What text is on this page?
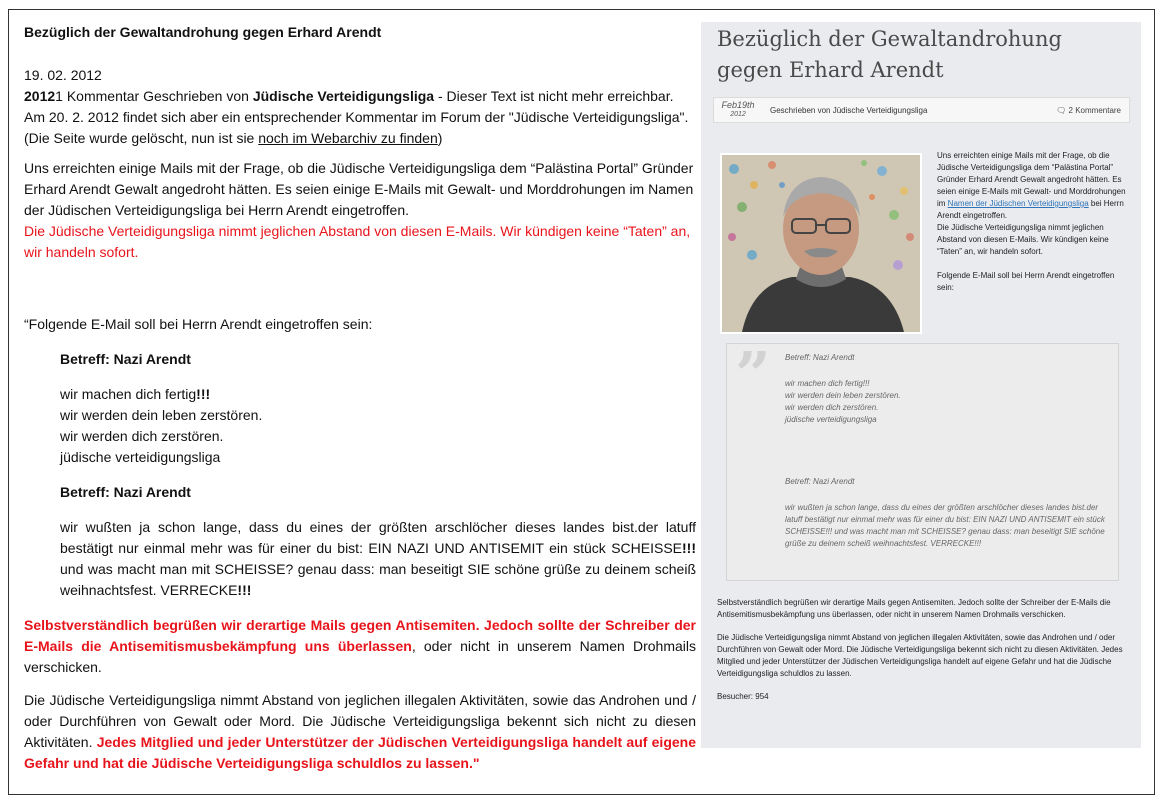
Bezüglich der Gewaltandrohung gegen Erhard Arendt

19. 02. 2012

20121 Kommentar Geschrieben von Jüdische Verteidigungsliga - Dieser Text ist nicht mehr erreichbar.

Am 20. 2. 2012 findet sich aber ein entsprechender Kommentar im Forum der "Jüdische Verteidigungsliga".

(Die Seite wurde gelöscht, nun ist sie noch im Webarchiv zu finden)

Uns erreichten einige Mails mit der Frage, ob die Jüdische Verteidigungsliga dem “Palästina Portal” Gründer Erhard Arendt Gewalt angedroht hätten. Es seien einige E-Mails mit Gewalt- und Morddrohungen im Namen der Jüdischen Verteidigungsliga bei Herrn Arendt eingetroffen.

Die Jüdische Verteidigungsliga nimmt jeglichen Abstand von diesen E-Mails. Wir kündigen keine “Taten” an, wir handeln sofort.

“Folgende E-Mail soll bei Herrn Arendt eingetroffen sein:

Betreff: Nazi Arendt

wir machen dich fertig!!!

wir werden dein leben zerstören.

wir werden dich zerstören.

jüdische verteidigungsliga

Betreff: Nazi Arendt

wir wußten ja schon lange, dass du eines der größten arschlöcher dieses landes bist.der latuff bestätigt nur einmal mehr was für einer du bist: EIN NAZI UND ANTISEMIT ein stück SCHEISSE!!! und was macht man mit SCHEISSE? genau dass: man beseitigt SIE schöne grüße zu deinem scheiß weihnachtsfest. VERRECKE!!!

Selbstverständlich begrüßen wir derartige Mails gegen Antisemiten. Jedoch sollte der Schreiber der E-Mails die Antisemitismusbekämpfung uns überlassen, oder nicht in unserem Namen Drohmails verschicken.

Die Jüdische Verteidigungsliga nimmt Abstand von jeglichen illegalen Aktivitäten, sowie das Androhen und / oder Durchführen von Gewalt oder Mord. Die Jüdische Verteidigungsliga bekennt sich nicht zu diesen Aktivitäten. Jedes Mitglied und jeder Unterstützer der Jüdischen Verteidigungsliga handelt auf eigene Gefahr und hat die Jüdische Verteidigungsliga schuldlos zu lassen."

Bezüglich der Gewaltandrohung gegen Erhard Arendt
Feb19th
2012	Geschrieben von Jüdische Verteidigungsliga	🗨 2 Kommentare

Uns erreichten einige Mails mit der Frage, ob die Jüdische Verteidigungsliga dem “Palästina Portal” Gründer Erhard Arendt Gewalt angedroht hätten. Es seien einige E-Mails mit Gewalt- und Morddrohungen im Namen der Jüdischen Verteidigungsliga bei Herrn Arendt eingetroffen.

Die Jüdische Verteidigungsliga nimmt jeglichen Abstand von diesen E-Mails. Wir kündigen keine “Taten” an, wir handeln sofort.

Folgende E-Mail soll bei Herrn Arendt eingetroffen sein:

” Betreff: Nazi Arendt
wir machen dich fertig!!!
wir werden dein leben zerstören.
wir werden dich zerstören.
jüdische verteidigungsliga
Betreff: Nazi Arendt
wir wußten ja schon lange, dass du eines der größten arschlöcher dieses landes bist.der latuff bestätigt nur einmal mehr was für einer du bist: EIN NAZI UND ANTISEMIT ein stück SCHEISSE!!! und was macht man mit SCHEISSE? genau dass: man beseitigt SIE schöne grüße zu deinem scheiß weihnachtsfest. VERRECKE!!!

Selbstverständlich begrüßen wir derartige Mails gegen Antisemiten. Jedoch sollte der Schreiber der E-Mails die Antisemitismusbekämpfung uns überlassen, oder nicht in unserem Namen Drohmails verschicken.

Die Jüdische Verteidigungsliga nimmt Abstand von jeglichen illegalen Aktivitäten, sowie das Androhen und / oder Durchführen von Gewalt oder Mord. Die Jüdische Verteidigungsliga bekennt sich nicht zu diesen Aktivitäten. Jedes Mitglied und jeder Unterstützer der Jüdischen Verteidigungsliga handelt auf eigene Gefahr und hat die Jüdische Verteidigungsliga schuldlos zu lassen.

Besucher: 954
